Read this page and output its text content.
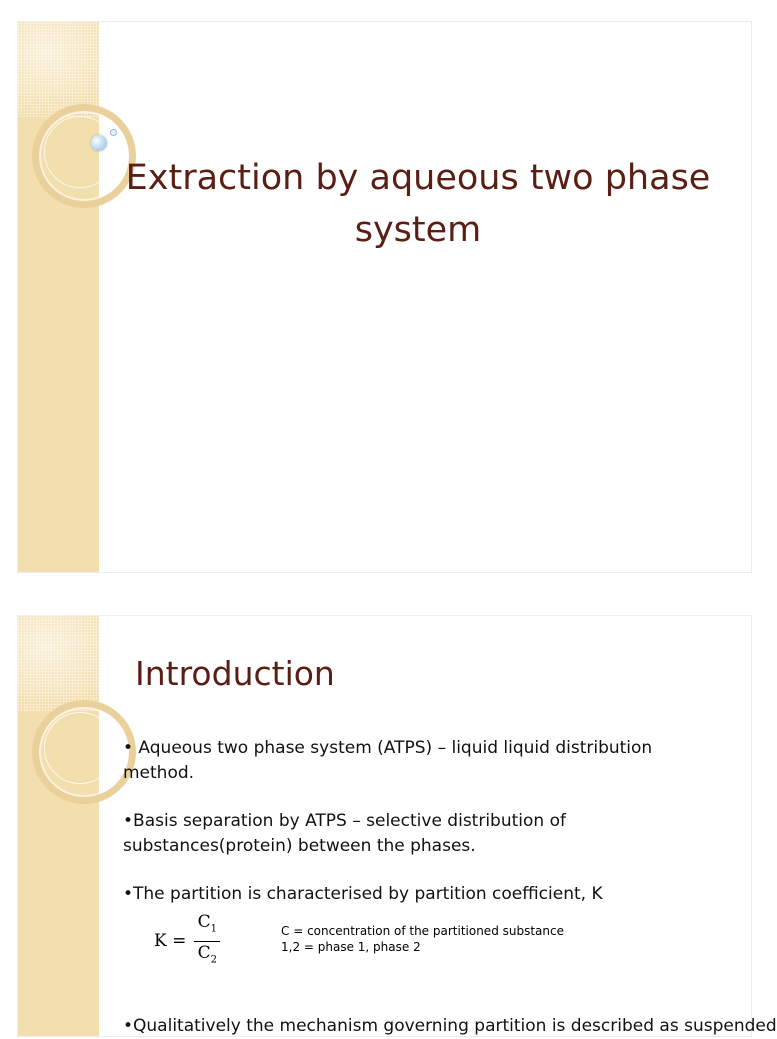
Extraction by aqueous two phase system
Introduction

• Aqueous two phase system (ATPS) – liquid liquid distribution method.

•Basis separation by ATPS – selective distribution of substances(protein) between the phases.

•The partition is characterised by partition coefficient, K

$K = \frac{C_1}{C_2}$	C = concentration of the partitioned substance
1,2 = phase 1, phase 2

•Qualitatively the mechanism governing partition is described as suspended
